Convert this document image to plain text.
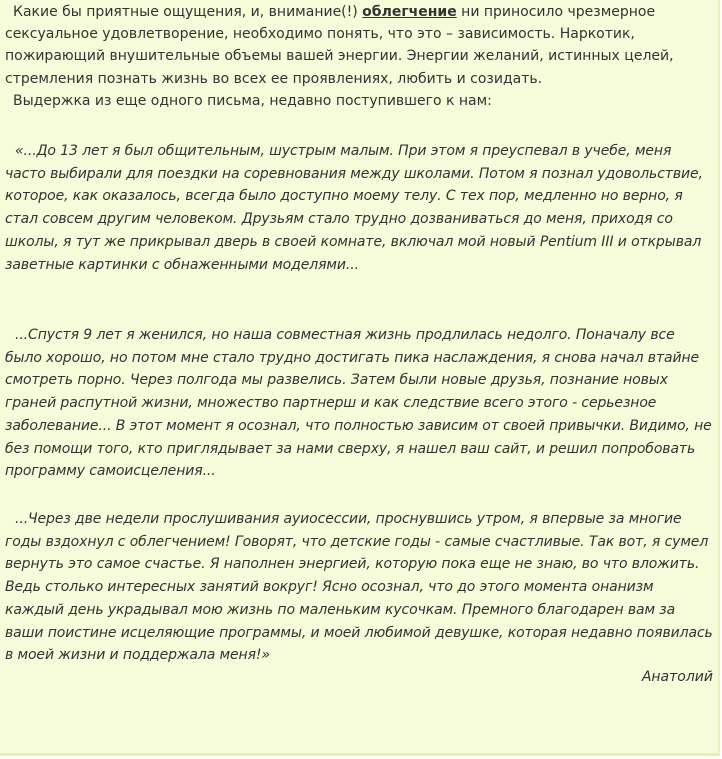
Какие бы приятные ощущения, и, внимание(!) облегчение ни приносило чрезмерное сексуальное удовлетворение, необходимо понять, что это – зависимость. Наркотик, пожирающий внушительные объемы вашей энергии. Энергии желаний, истинных целей, стремления познать жизнь во всех ее проявлениях, любить и созидать.

Выдержка из еще одного письма, недавно поступившего к нам:

«...До 13 лет я был общительным, шустрым малым. При этом я преуспевал в учебе, меня часто выбирали для поездки на соревнования между школами. Потом я познал удовольствие, которое, как оказалось, всегда было доступно моему телу. С тех пор, медленно но верно, я стал совсем другим человеком. Друзьям стало трудно дозваниваться до меня, приходя со школы, я тут же прикрывал дверь в своей комнате, включал мой новый Pentium III и открывал заветные картинки с обнаженными моделями...

...Спустя 9 лет я женился, но наша совместная жизнь продлилась недолго. Поначалу все было хорошо, но потом мне стало трудно достигать пика наслаждения, я снова начал втайне смотреть порно. Через полгода мы развелись. Затем были новые друзья, познание новых граней распутной жизни, множество партнерш и как следствие всего этого - серьезное заболевание... В этот момент я осознал, что полностью зависим от своей привычки. Видимо, не без помощи того, кто приглядывает за нами сверху, я нашел ваш сайт, и решил попробовать программу самоисцеления...

...Через две недели прослушивания ауиосессии, проснувшись утром, я впервые за многие годы вздохнул с облегчением! Говорят, что детские годы - самые счастливые. Так вот, я сумел вернуть это самое счастье. Я наполнен энергией, которую пока еще не знаю, во что вложить. Ведь столько интересных занятий вокруг! Ясно осознал, что до этого момента онанизм каждый день украдывал мою жизнь по маленьким кусочкам. Премного благодарен вам за ваши поистине исцеляющие программы, и моей любимой девушке, которая недавно появилась в моей жизни и поддержала меня!»

Анатолий
